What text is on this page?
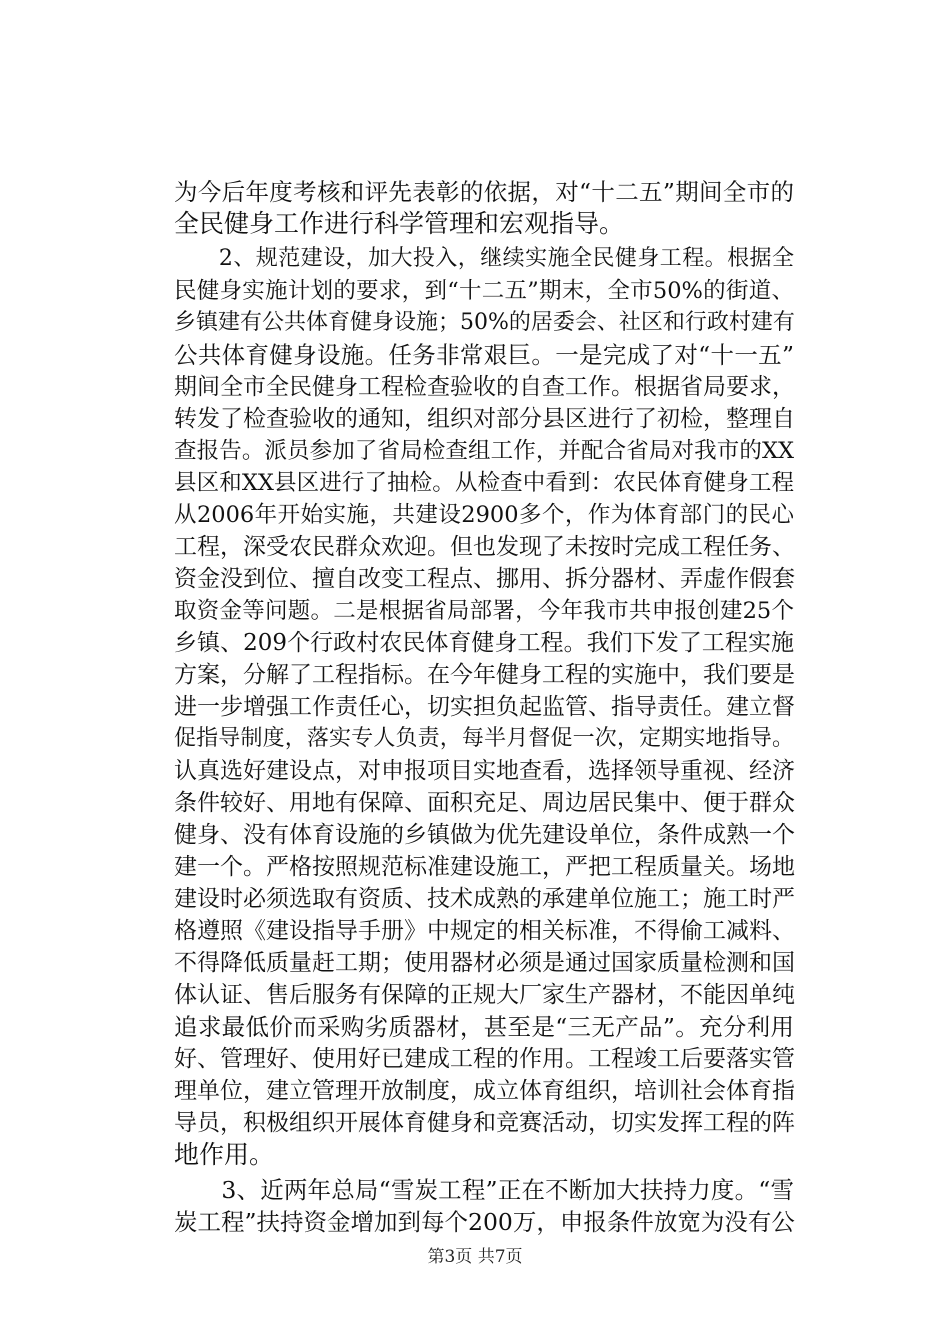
为今后年度考核和评先表彰的依据，对“十二五”期间全市的
全民健身工作进行科学管理和宏观指导。
　　2、规范建设，加大投入，继续实施全民健身工程。根据全
民健身实施计划的要求，到“十二五”期末，全市50%的街道、
乡镇建有公共体育健身设施；50%的居委会、社区和行政村建有
公共体育健身设施。任务非常艰巨。一是完成了对“十一五”
期间全市全民健身工程检查验收的自查工作。根据省局要求，
转发了检查验收的通知，组织对部分县区进行了初检，整理自
查报告。派员参加了省局检查组工作，并配合省局对我市的XX
县区和XX县区进行了抽检。从检查中看到：农民体育健身工程
从2006年开始实施，共建设2900多个，作为体育部门的民心
工程，深受农民群众欢迎。但也发现了未按时完成工程任务、
资金没到位、擅自改变工程点、挪用、拆分器材、弄虚作假套
取资金等问题。二是根据省局部署，今年我市共申报创建25个
乡镇、209个行政村农民体育健身工程。我们下发了工程实施
方案，分解了工程指标。在今年健身工程的实施中，我们要是
进一步增强工作责任心，切实担负起监管、指导责任。建立督
促指导制度，落实专人负责，每半月督促一次，定期实地指导。
认真选好建设点，对申报项目实地查看，选择领导重视、经济
条件较好、用地有保障、面积充足、周边居民集中、便于群众
健身、没有体育设施的乡镇做为优先建设单位，条件成熟一个
建一个。严格按照规范标准建设施工，严把工程质量关。场地
建设时必须选取有资质、技术成熟的承建单位施工；施工时严
格遵照《建设指导手册》中规定的相关标准，不得偷工减料、
不得降低质量赶工期；使用器材必须是通过国家质量检测和国
体认证、售后服务有保障的正规大厂家生产器材，不能因单纯
追求最低价而采购劣质器材，甚至是“三无产品”。充分利用
好、管理好、使用好已建成工程的作用。工程竣工后要落实管
理单位，建立管理开放制度，成立体育组织，培训社会体育指
导员，积极组织开展体育健身和竞赛活动，切实发挥工程的阵
地作用。
　　3、近两年总局“雪炭工程”正在不断加大扶持力度。“雪
炭工程”扶持资金增加到每个200万，申报条件放宽为没有公
第3页 共7页
